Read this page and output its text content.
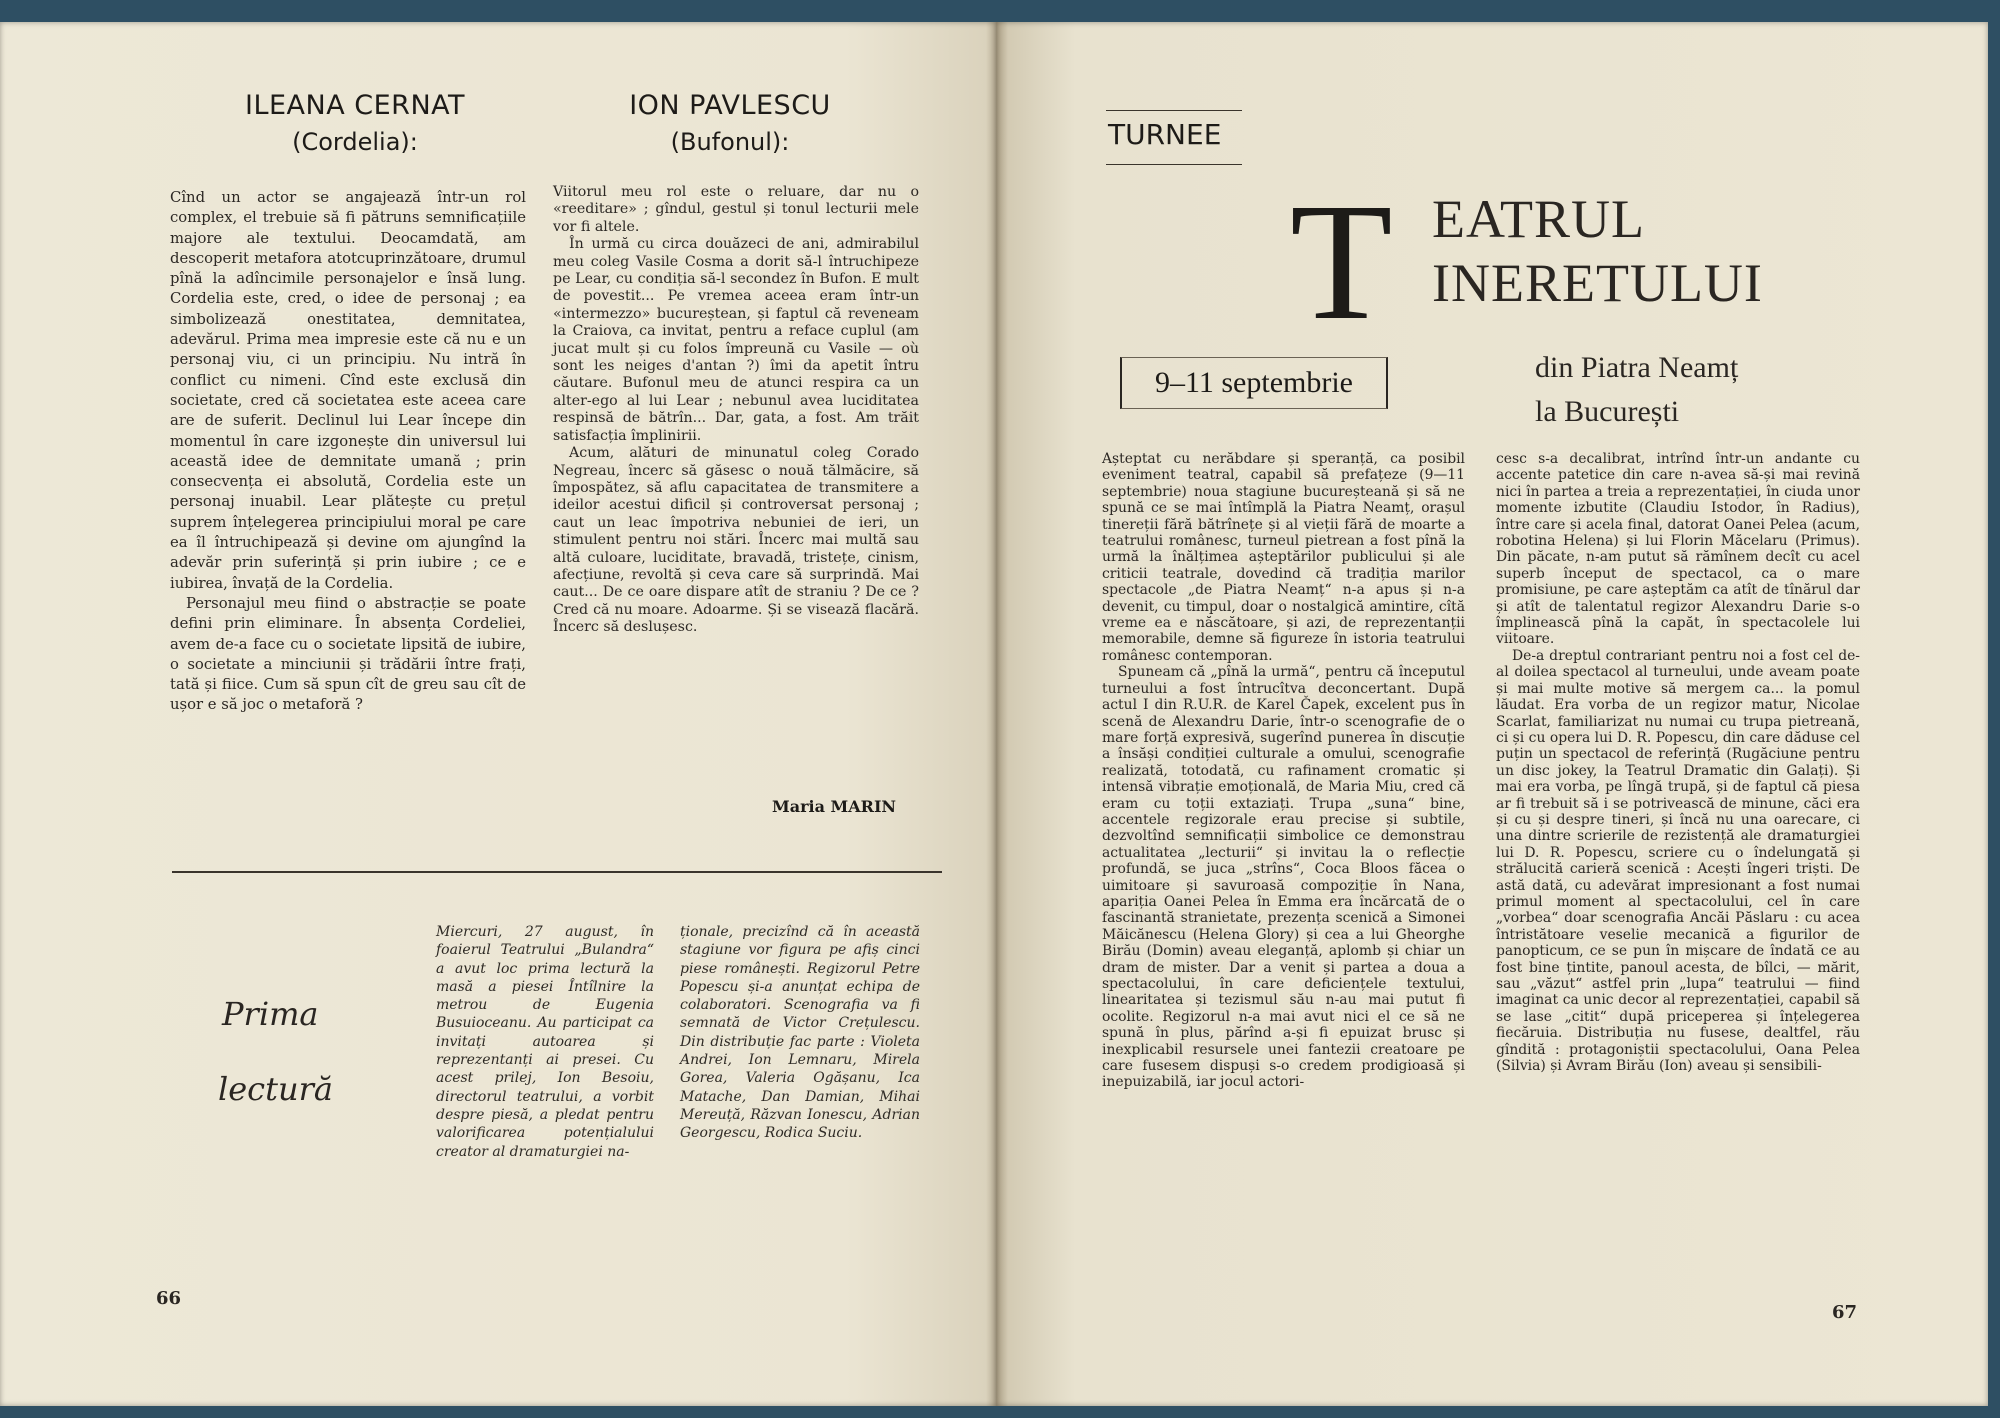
ILEANA CERNAT
(Cordelia):

Cînd un actor se angajează într-un rol complex, el trebuie să fi pătruns semnificațiile majore ale textului. Deocamdată, am descoperit metafora atotcuprinzătoare, drumul pînă la adîncimile personajelor e însă lung. Cordelia este, cred, o idee de personaj ; ea simbolizează onestitatea, demnitatea, adevărul. Prima mea impresie este că nu e un personaj viu, ci un principiu. Nu intră în conflict cu nimeni. Cînd este exclusă din societate, cred că societatea este aceea care are de suferit. Declinul lui Lear începe din momentul în care izgonește din universul lui această idee de demnitate umană ; prin consecvența ei absolută, Cordelia este un personaj inuabil. Lear plătește cu prețul suprem înțelegerea principiului moral pe care ea îl întruchipează și devine om ajungînd la adevăr prin suferință și prin iubire ; ce e iubirea, învață de la Cordelia.

Personajul meu fiind o abstracție se poate defini prin eliminare. În absența Cordeliei, avem de-a face cu o societate lipsită de iubire, o societate a minciunii și trădării între frați, tată și fiice. Cum să spun cît de greu sau cît de ușor e să joc o metaforă ?

ION PAVLESCU
(Bufonul):

Viitorul meu rol este o reluare, dar nu o «reeditare» ; gîndul, gestul și tonul lecturii mele vor fi altele.

În urmă cu circa douăzeci de ani, admirabilul meu coleg Vasile Cosma a dorit să-l întruchipeze pe Lear, cu condiția să-l secondez în Bufon. E mult de povestit... Pe vremea aceea eram într-un «intermezzo» bucureștean, și faptul că reveneam la Craiova, ca invitat, pentru a reface cuplul (am jucat mult și cu folos împreună cu Vasile — où sont les neiges d'antan ?) îmi da apetit întru căutare. Bufonul meu de atunci respira ca un alter-ego al lui Lear ; nebunul avea luciditatea respinsă de bătrîn... Dar, gata, a fost. Am trăit satisfacția împlinirii.

Acum, alături de minunatul coleg Corado Negreau, încerc să găsesc o nouă tălmăcire, să împospătez, să aflu capacitatea de transmitere a ideilor acestui dificil și controversat personaj ; caut un leac împotriva nebuniei de ieri, un stimulent pentru noi stări. Încerc mai multă sau altă culoare, luciditate, bravadă, tristețe, cinism, afecțiune, revoltă și ceva care să surprindă. Mai caut... De ce oare dispare atît de straniu ? De ce ? Cred că nu moare. Adoarme. Și se visează flacără. Încerc să deslușesc.

Maria MARIN
Prima
lectură

Miercuri, 27 august, în foaierul Teatrului „Bulandra“ a avut loc prima lectură la masă a piesei Întîlnire la metrou de Eugenia Busuioceanu. Au participat ca invitați autoarea și reprezentanți ai presei. Cu acest prilej, Ion Besoiu, directorul teatrului, a vorbit despre piesă, a pledat pentru valorificarea potențialului creator al dramaturgiei na-

ționale, precizînd că în această stagiune vor figura pe afiș cinci piese românești. Regizorul Petre Popescu și-a anunțat echipa de colaboratori. Scenografia va fi semnată de Victor Crețulescu. Din distribuție fac parte : Violeta Andrei, Ion Lemnaru, Mirela Gorea, Valeria Ogășanu, Ica Matache, Dan Damian, Mihai Mereuță, Răzvan Ionescu, Adrian Georgescu, Rodica Suciu.

66
TURNEE
T EATRUL
INERETULUI
9–11 septembrie	din Piatra Neamț
la București

Așteptat cu nerăbdare și speranță, ca posibil eveniment teatral, capabil să prefațeze (9—11 septembrie) noua stagiune bucureșteană și să ne spună ce se mai întîmplă la Piatra Neamț, orașul tinereții fără bătrînețe și al vieții fără de moarte a teatrului românesc, turneul pietrean a fost pînă la urmă la înălțimea așteptărilor publicului și ale criticii teatrale, dovedind că tradiția marilor spectacole „de Piatra Neamț“ n-a apus și n-a devenit, cu timpul, doar o nostalgică amintire, cîtă vreme ea e născătoare, și azi, de reprezentanții memorabile, demne să figureze în istoria teatrului românesc contemporan.

Spuneam că „pînă la urmă“, pentru că începutul turneului a fost întrucîtva deconcertant. După actul I din R.U.R. de Karel Čapek, excelent pus în scenă de Alexandru Darie, într-o scenografie de o mare forță expresivă, sugerînd punerea în discuție a însăși condiției culturale a omului, scenografie realizată, totodată, cu rafinament cromatic și intensă vibrație emoțională, de Maria Miu, cred că eram cu toții extaziați. Trupa „suna“ bine, accentele regizorale erau precise și subtile, dezvoltînd semnificații simbolice ce demonstrau actualitatea „lecturii“ și invitau la o reflecție profundă, se juca „strîns“, Coca Bloos făcea o uimitoare și savuroasă compoziție în Nana, apariția Oanei Pelea în Emma era încărcată de o fascinantă stranietate, prezența scenică a Simonei Măicănescu (Helena Glory) și cea a lui Gheorghe Birău (Domin) aveau eleganță, aplomb și chiar un dram de mister. Dar a venit și partea a doua a spectacolului, în care deficiențele textului, linearitatea și tezismul său n-au mai putut fi ocolite. Regizorul n-a mai avut nici el ce să ne spună în plus, părînd a-și fi epuizat brusc și inexplicabil resursele unei fantezii creatoare pe care fusesem dispuși s-o credem prodigioasă și inepuizabilă, iar jocul actori-

cesc s-a decalibrat, intrînd într-un andante cu accente patetice din care n-avea să-și mai revină nici în partea a treia a reprezentației, în ciuda unor momente izbutite (Claudiu Istodor, în Radius), între care și acela final, datorat Oanei Pelea (acum, robotina Helena) și lui Florin Măcelaru (Primus). Din păcate, n-am putut să rămînem decît cu acel superb început de spectacol, ca o mare promisiune, pe care așteptăm ca atît de tînărul dar și atît de talentatul regizor Alexandru Darie s-o împlinească pînă la capăt, în spectacolele lui viitoare.

De-a dreptul contrariant pentru noi a fost cel de-al doilea spectacol al turneului, unde aveam poate și mai multe motive să mergem ca... la pomul lăudat. Era vorba de un regizor matur, Nicolae Scarlat, familiarizat nu numai cu trupa pietreană, ci și cu opera lui D. R. Popescu, din care dăduse cel puțin un spectacol de referință (Rugăciune pentru un disc jokey, la Teatrul Dramatic din Galați). Și mai era vorba, pe lîngă trupă, și de faptul că piesa ar fi trebuit să i se potrivească de minune, căci era și cu și despre tineri, și încă nu una oarecare, ci una dintre scrierile de rezistență ale dramaturgiei lui D. R. Popescu, scriere cu o îndelungată și strălucită carieră scenică : Acești îngeri triști. De astă dată, cu adevărat impresionant a fost numai primul moment al spectacolului, cel în care „vorbea“ doar scenografia Ancăi Păslaru : cu acea întristătoare veselie mecanică a figurilor de panopticum, ce se pun în mișcare de îndată ce au fost bine țintite, panoul acesta, de bîlci, — mărit, sau „văzut“ astfel prin „lupa“ teatrului — fiind imaginat ca unic decor al reprezentației, capabil să se lase „citit“ după priceperea și înțelegerea fiecăruia. Distribuția nu fusese, dealtfel, rău gîndită : protagoniștii spectacolului, Oana Pelea (Silvia) și Avram Birău (Ion) aveau și sensibili-

67
